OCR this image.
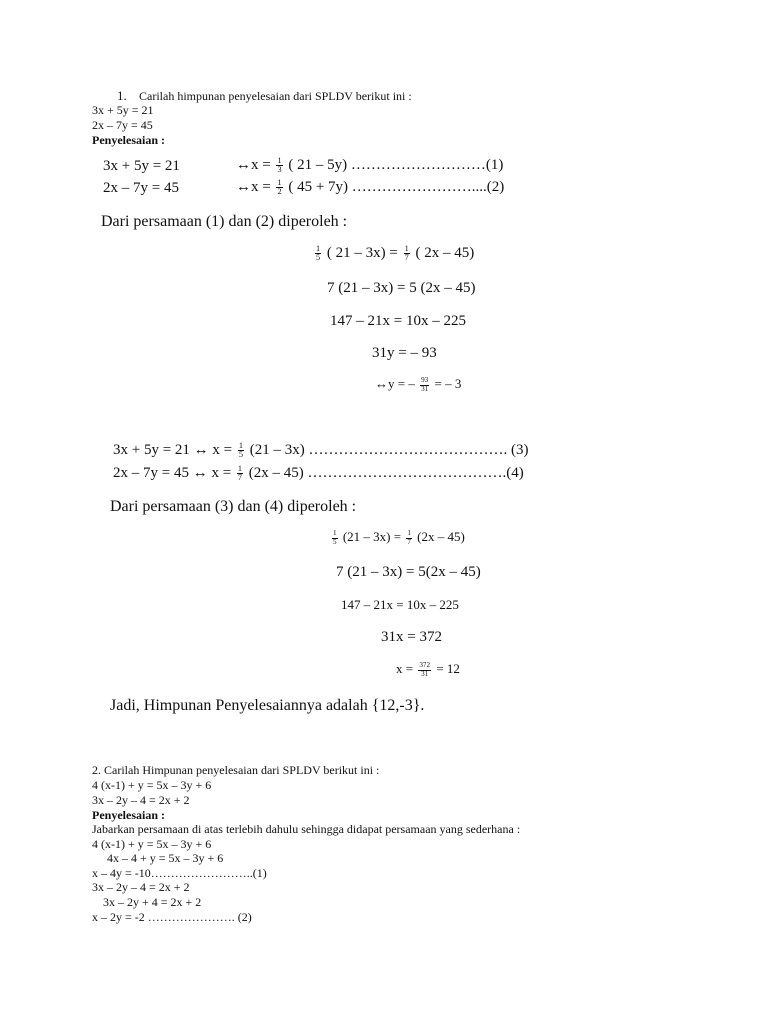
1. Carilah himpunan penyelesaian dari SPLDV berikut ini :
3x + 5y = 21
2x – 7y = 45
Penyelesaian :
3x + 5y = 21	↔x = $\frac{1}{3}$ ( 21 – 5y) ………………………(1)
2x – 7y = 45	↔x = $\frac{1}{2}$ ( 45 + 7y) ……………………....(2)
Dari persamaan (1) dan (2) diperoleh :
$\frac{1}{5}$ ( $21 - 3x) = \frac{1}{7}$ ( 2x – 45)
7 (21 – 3x) = 5 (2x – 45)
147 – 21x = 10x – 225
31y = – 93
↔y = – $\frac{93}{31}$ = – 3
3x + 5y = 21 ↔ $x = \frac{1}{5} (21 - 3x)$ …………………………………. (3)
2x – 7y = 45 ↔ $x = \frac{1}{7} (2x - 45)$ ………………………………….(4)
Dari persamaan (3) dan (4) diperoleh :
$\frac{1}{5} (21 - 3x) = \frac{1}{7} (2x - 45)$
7 (21 – 3x) = 5(2x – 45)
147 – 21x = 10x – 225
31x = 372
$x = \frac{372}{31} = 12$
Jadi, Himpunan Penyelesaiannya adalah {12,-3}.
2. Carilah Himpunan penyelesaian dari SPLDV berikut ini :
4 (x-1) + y = 5x – 3y + 6
3x – 2y – 4 = 2x + 2
Penyelesaian :
Jabarkan persamaan di atas terlebih dahulu sehingga didapat persamaan yang sederhana :
4 (x-1) + y = 5x – 3y + 6
4x – 4 + y = 5x – 3y + 6
x – 4y = -10……………………..(1)
3x – 2y – 4 = 2x + 2
3x – 2y + 4 = 2x + 2
x – 2y = -2 …………………. (2)
